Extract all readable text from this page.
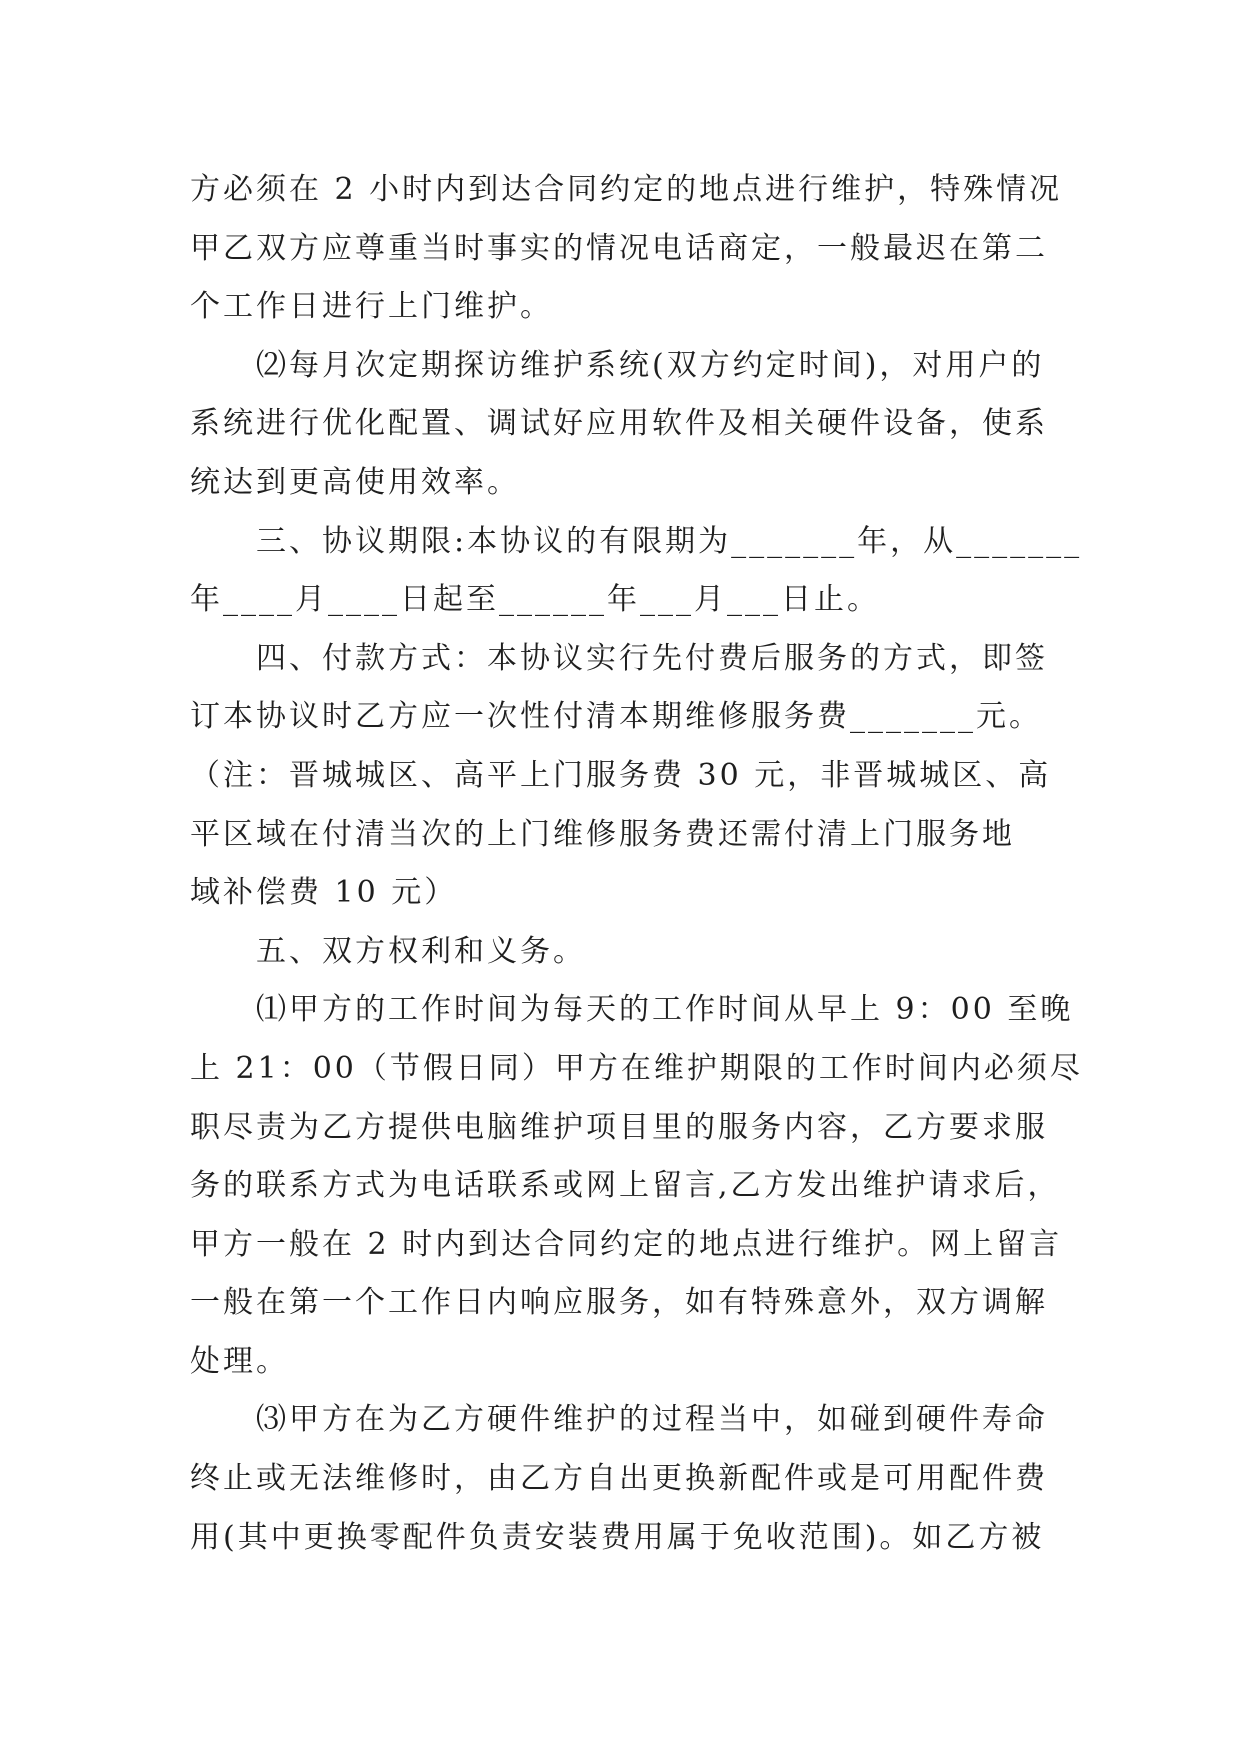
方必须在 2 小时内到达合同约定的地点进行维护，特殊情况
甲乙双方应尊重当时事实的情况电话商定，一般最迟在第二
个工作日进行上门维护。
⑵每月次定期探访维护系统(双方约定时间)，对用户的
系统进行优化配置、调试好应用软件及相关硬件设备，使系
统达到更高使用效率。
三、协议期限:本协议的有限期为_______年，从_______
年____月____日起至______年___月___日止。
四、付款方式：本协议实行先付费后服务的方式，即签
订本协议时乙方应一次性付清本期维修服务费_______元。
（注：晋城城区、高平上门服务费 30 元，非晋城城区、高
平区域在付清当次的上门维修服务费还需付清上门服务地
域补偿费 10 元）
五、双方权利和义务。
⑴甲方的工作时间为每天的工作时间从早上 9：00 至晚
上 21：00（节假日同）甲方在维护期限的工作时间内必须尽
职尽责为乙方提供电脑维护项目里的服务内容，乙方要求服
务的联系方式为电话联系或网上留言,乙方发出维护请求后，
甲方一般在 2 时内到达合同约定的地点进行维护。网上留言
一般在第一个工作日内响应服务，如有特殊意外，双方调解
处理。
⑶甲方在为乙方硬件维护的过程当中，如碰到硬件寿命
终止或无法维修时，由乙方自出更换新配件或是可用配件费
用(其中更换零配件负责安装费用属于免收范围)。如乙方被
